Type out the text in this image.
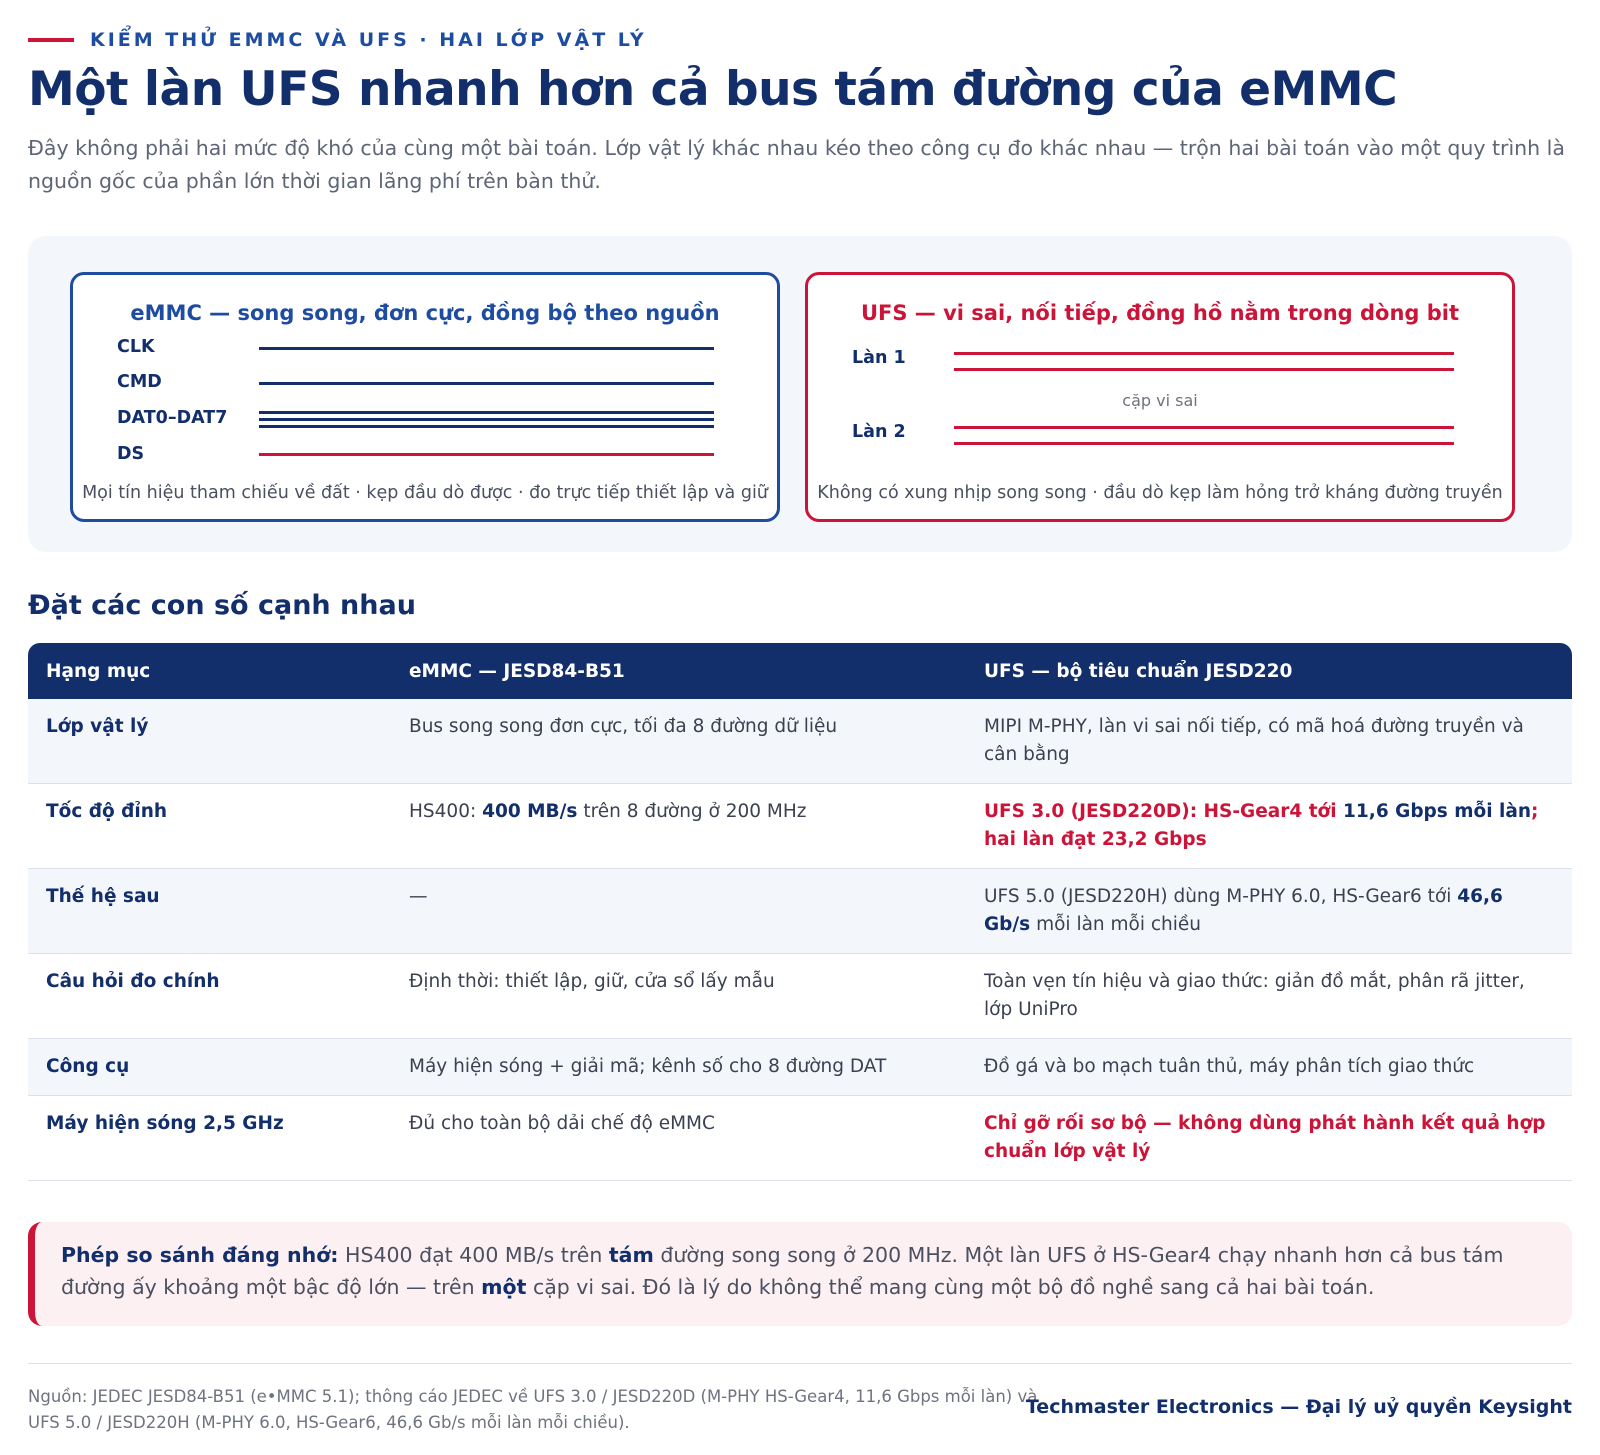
KIỂM THỬ EMMC VÀ UFS · HAI LỚP VẬT LÝ
Một làn UFS nhanh hơn cả bus tám đường của eMMC

Đây không phải hai mức độ khó của cùng một bài toán. Lớp vật lý khác nhau kéo theo công cụ đo khác nhau — trộn hai bài toán vào một quy trình là nguồn gốc của phần lớn thời gian lãng phí trên bàn thử.

eMMC — song song, đơn cực, đồng bộ theo nguồn
CLK
CMD
DAT0–DAT7
DS
Mọi tín hiệu tham chiếu về đất · kẹp đầu dò được · đo trực tiếp thiết lập và giữ
UFS — vi sai, nối tiếp, đồng hồ nằm trong dòng bit
Làn 1
Làn 2
cặp vi sai
Không có xung nhịp song song · đầu dò kẹp làm hỏng trở kháng đường truyền
Đặt các con số cạnh nhau
Hạng mục	eMMC — JESD84-B51	UFS — bộ tiêu chuẩn JESD220
Lớp vật lý	Bus song song đơn cực, tối đa 8 đường dữ liệu	MIPI M-PHY, làn vi sai nối tiếp, có mã hoá đường truyền và cân bằng
Tốc độ đỉnh	HS400: 400 MB/s trên 8 đường ở 200 MHz	UFS 3.0 (JESD220D): HS-Gear4 tới 11,6 Gbps mỗi làn; hai làn đạt 23,2 Gbps
Thế hệ sau	—	UFS 5.0 (JESD220H) dùng M-PHY 6.0, HS-Gear6 tới 46,6 Gb/s mỗi làn mỗi chiều
Câu hỏi đo chính	Định thời: thiết lập, giữ, cửa sổ lấy mẫu	Toàn vẹn tín hiệu và giao thức: giản đồ mắt, phân rã jitter, lớp UniPro
Công cụ	Máy hiện sóng + giải mã; kênh số cho 8 đường DAT	Đồ gá và bo mạch tuân thủ, máy phân tích giao thức
Máy hiện sóng 2,5 GHz	Đủ cho toàn bộ dải chế độ eMMC	Chỉ gỡ rối sơ bộ — không dùng phát hành kết quả hợp chuẩn lớp vật lý
Phép so sánh đáng nhớ: HS400 đạt 400 MB/s trên tám đường song song ở 200 MHz. Một làn UFS ở HS-Gear4 chạy nhanh hơn cả bus tám đường ấy khoảng một bậc độ lớn — trên một cặp vi sai. Đó là lý do không thể mang cùng một bộ đồ nghề sang cả hai bài toán.

Nguồn: JEDEC JESD84-B51 (e•MMC 5.1); thông cáo JEDEC về UFS 3.0 / JESD220D (M-PHY HS-Gear4, 11,6 Gbps mỗi làn) và UFS 5.0 / JESD220H (M-PHY 6.0, HS-Gear6, 46,6 Gb/s mỗi làn mỗi chiều).

Techmaster Electronics — Đại lý uỷ quyền Keysight
